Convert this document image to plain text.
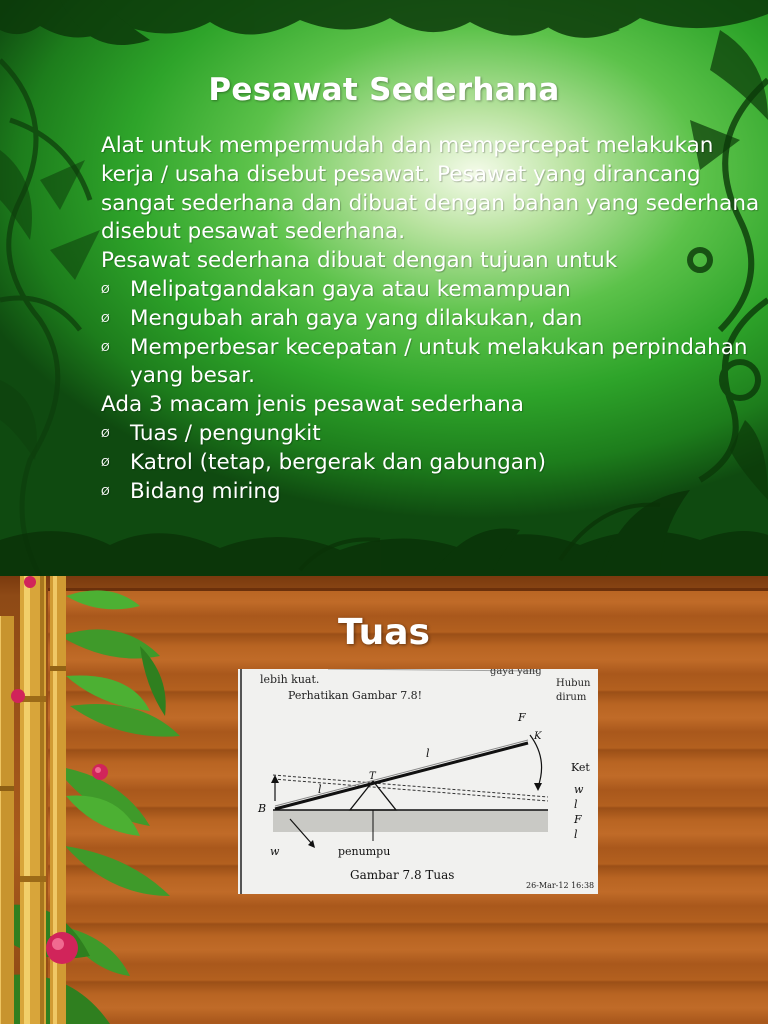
Pesawat Sederhana

Alat untuk mempermudah dan mempercepat melakukan kerja / usaha disebut pesawat. Pesawat yang dirancang sangat sederhana dan dibuat dengan bahan yang sederhana disebut pesawat sederhana.

Pesawat sederhana dibuat dengan tujuan untuk

Ø Melipatgandakan gaya atau kemampuan

Ø Mengubah arah gaya yang dilakukan, dan

Ø Memperbesar kecepatan / untuk melakukan perpindahan yang besar.

Ada 3 macam jenis pesawat sederhana

Ø Tuas / pengungkit

Ø Katrol (tetap, bergerak dan gabungan)

Ø Bidang miring

Tuas
lebih kuat.
gaya yang
Perhatikan Gambar 7.8!
Hubun
dirum
F
K
l
T
l
B
w	penumpu
Gambar 7.8 Tuas
Ket
w
l
F
l
26-Mar-12 16:38
